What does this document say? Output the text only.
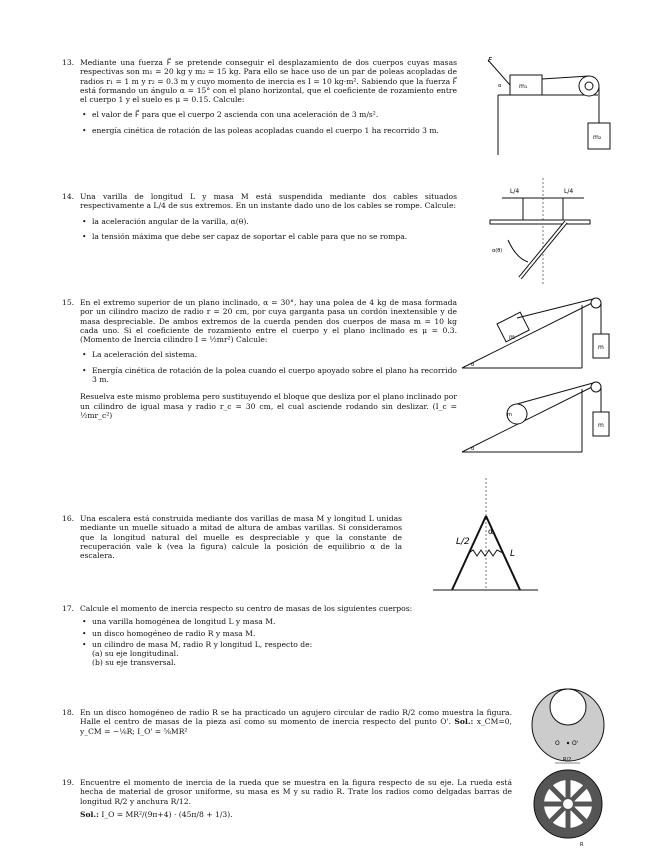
13. Mediante una fuerza F⃗ se pretende conseguir el desplazamiento de dos cuerpos cuyas masas respectivas son m₁ = 20 kg y m₂ = 15 kg. Para ello se hace uso de un par de poleas acopladas de radios r₁ = 1 m y r₂ = 0.3 m y cuyo momento de inercia es I = 10 kg·m². Sabiendo que la fuerza F⃗ está formando un ángulo α = 15° con el plano horizontal, que el coeficiente de rozamiento entre el cuerpo 1 y el suelo es μ = 0.15. Calcule:
• el valor de F⃗ para que el cuerpo 2 ascienda con una aceleración de 3 m/s².
• energía cinética de rotación de las poleas acopladas cuando el cuerpo 1 ha recorrido 3 m.
m₁
F
α
m₂
14. Una varilla de longitud L y masa M está suspendida mediante dos cables situados respectivamente a L/4 de sus extremos. En un instante dado uno de los cables se rompe. Calcule:
• la aceleración angular de la varilla, α(θ).
• la tensión máxima que debe ser capaz de soportar el cable para que no se rompa.
L/4	L/4
α(θ)
15. En el extremo superior de un plano inclinado, α = 30°, hay una polea de 4 kg de masa formada por un cilindro macizo de radio r = 20 cm, por cuya garganta pasa un cordón inextensible y de masa despreciable. De ambos extremos de la cuerda penden dos cuerpos de masa m = 10 kg cada uno. Si el coeficiente de rozamiento entre el cuerpo y el plano inclinado es μ = 0.3. (Momento de Inercia cilindro I = ½mr²) Calcule:
• La aceleración del sistema.
• Energía cinética de rotación de la polea cuando el cuerpo apoyado sobre el plano ha recorrido 3 m.
Resuelva este mismo problema pero sustituyendo el bloque que desliza por el plano inclinado por un cilindro de igual masa y radio r_c = 30 cm, el cual asciende rodando sin deslizar. (I_c = ½mr_c²)
m
m
α
m
m
α
16. Una escalera está construida mediante dos varillas de masa M y longitud L unidas mediante un muelle situado a mitad de altura de ambas varillas. Si consideramos que la longitud natural del muelle es despreciable y que la constante de recuperación vale k (vea la figura) calcule la posición de equilibrio α de la escalera.
L/2
L
α
17. Calcule el momento de inercia respecto su centro de masas de los siguientes cuerpos:
• una varilla homogénea de longitud L y masa M.
• un disco homogéneo de radio R y masa M.
• un cilindro de masa M, radio R y longitud L, respecto de:
(a) su eje longitudinal.
(b) su eje transversal.
18. En un disco homogéneo de radio R se ha practicado un agujero circular de radio R/2 como muestra la figura. Halle el centro de masas de la pieza así como su momento de inercia respecto del punto O'. Sol.: x_CM=0, y_CM = −⅙R; I_O' = ⅝MR²
O O'
19. Encuentre el momento de inercia de la rueda que se muestra en la figura respecto de su eje. La rueda está hecha de material de grosor uniforme, su masa es M y su radio R. Trate los radios como delgadas barras de longitud R/2 y anchura R/12.
Sol.: I_O = MR²/(9π+4) · (45π/8 + 1/3).
R/2
R
